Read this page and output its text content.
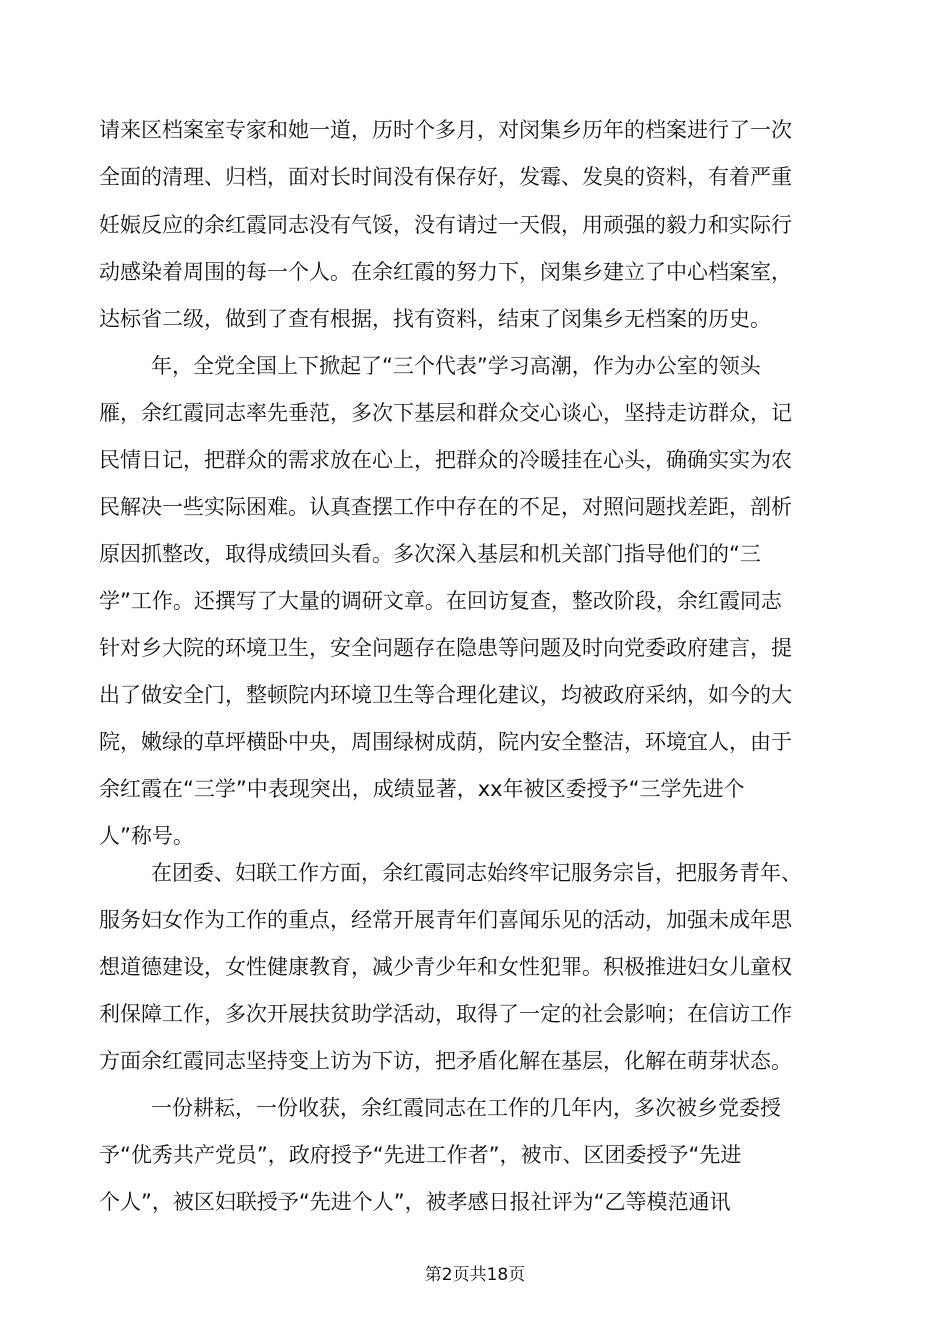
请来区档案室专家和她一道，历时个多月，对闵集乡历年的档案进行了一次
全面的清理、归档，面对长时间没有保存好，发霉、发臭的资料，有着严重
妊娠反应的余红霞同志没有气馁，没有请过一天假，用顽强的毅力和实际行
动感染着周围的每一个人。在余红霞的努力下，闵集乡建立了中心档案室，
达标省二级，做到了查有根据，找有资料，结束了闵集乡无档案的历史。
年，全党全国上下掀起了“三个代表”学习高潮，作为办公室的领头
雁，余红霞同志率先垂范，多次下基层和群众交心谈心，坚持走访群众，记
民情日记，把群众的需求放在心上，把群众的冷暖挂在心头，确确实实为农
民解决一些实际困难。认真查摆工作中存在的不足，对照问题找差距，剖析
原因抓整改，取得成绩回头看。多次深入基层和机关部门指导他们的“三
学”工作。还撰写了大量的调研文章。在回访复查，整改阶段，余红霞同志
针对乡大院的环境卫生，安全问题存在隐患等问题及时向党委政府建言，提
出了做安全门，整顿院内环境卫生等合理化建议，均被政府采纳，如今的大
院，嫩绿的草坪横卧中央，周围绿树成荫，院内安全整洁，环境宜人，由于
余红霞在“三学”中表现突出，成绩显著，xx年被区委授予“三学先进个
人”称号。
在团委、妇联工作方面，余红霞同志始终牢记服务宗旨，把服务青年、
服务妇女作为工作的重点，经常开展青年们喜闻乐见的活动，加强未成年思
想道德建设，女性健康教育，减少青少年和女性犯罪。积极推进妇女儿童权
利保障工作，多次开展扶贫助学活动，取得了一定的社会影响；在信访工作
方面余红霞同志坚持变上访为下访，把矛盾化解在基层，化解在萌芽状态。
一份耕耘，一份收获，余红霞同志在工作的几年内，多次被乡党委授
予“优秀共产党员”，政府授予“先进工作者”，被市、区团委授予“先进
个人”，被区妇联授予“先进个人”，被孝感日报社评为“乙等模范通讯
第2页共18页
